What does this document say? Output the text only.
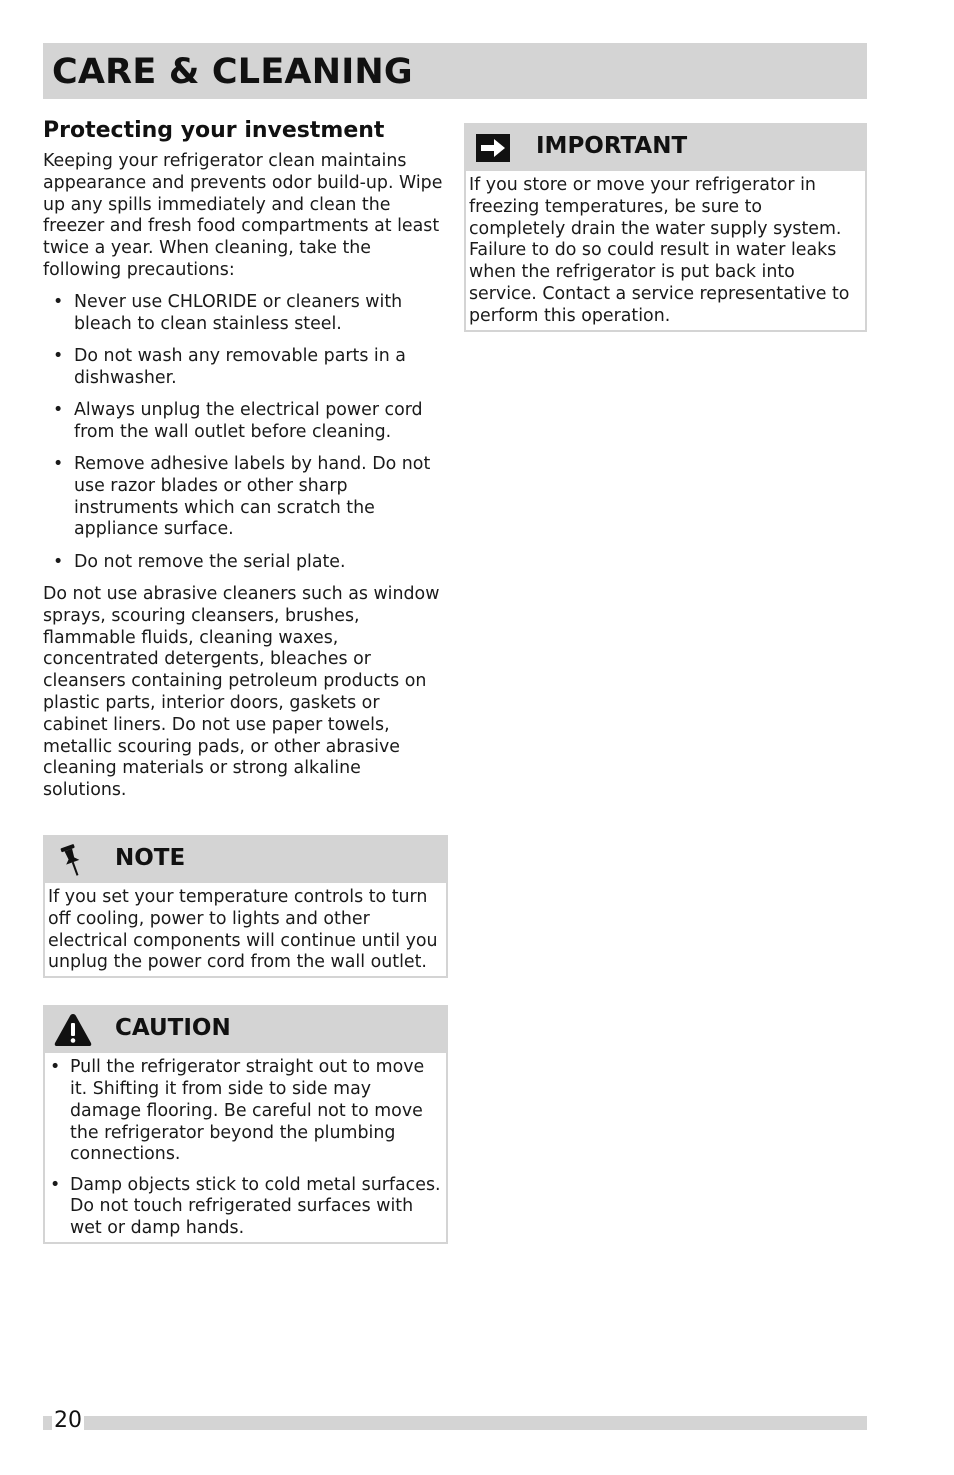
CARE & CLEANING
Protecting your investment

Keeping your refrigerator clean maintains appearance and prevents odor build-up. Wipe up any spills immediately and clean the freezer and fresh food compartments at least twice a year. When cleaning, take the following precautions:

• Never use CHLORIDE or cleaners with bleach to clean stainless steel.
• Do not wash any removable parts in a dishwasher.
• Always unplug the electrical power cord from the wall outlet before cleaning.
• Remove adhesive labels by hand. Do not use razor blades or other sharp instruments which can scratch the appliance surface.
• Do not remove the serial plate.

Do not use abrasive cleaners such as window sprays, scouring cleansers, brushes, flammable fluids, cleaning waxes, concentrated detergents, bleaches or cleansers containing petroleum products on plastic parts, interior doors, gaskets or cabinet liners. Do not use paper towels, metallic scouring pads, or other abrasive cleaning materials or strong alkaline solutions.

NOTE
If you set your temperature controls to turn off cooling, power to lights and other electrical components will continue until you unplug the power cord from the wall outlet.
CAUTION
• Pull the refrigerator straight out to move it. Shifting it from side to side may damage flooring. Be careful not to move the refrigerator beyond the plumbing connections.
• Damp objects stick to cold metal surfaces. Do not touch refrigerated surfaces with wet or damp hands.
IMPORTANT
If you store or move your refrigerator in freezing temperatures, be sure to completely drain the water supply system. Failure to do so could result in water leaks when the refrigerator is put back into service. Contact a service representative to perform this operation.
20
